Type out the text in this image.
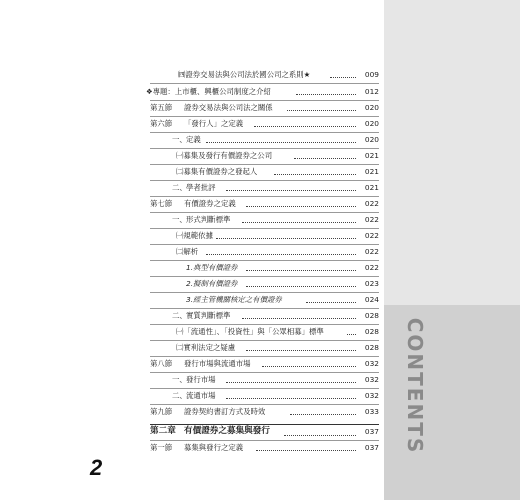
CONTENTS
㈣證券交易法與公司法於國公司之系則★	009
❖專題：上市櫃、興櫃公司制度之介紹	012
第五節 證券交易法與公司法之關係	020
第六節 「發行人」之定義	020
一、 定義	020
㈠募集及發行有價證券之公司	021
㈡募集有價證券之發起人	021
二、 學者批評	021
第七節 有價證券之定義	022
一、 形式判斷標準	022
㈠規範依據	022
㈡解析	022
1.典型有價證券	022
2.擬制有價證券	023
3.經主管機關核定之有價證券	024
二、 實質判斷標準	028
㈠「流通性」、「投資性」與「公眾相募」標準	028
㈡實利法定之疑慮	028
第八節 發行市場與流通市場	032
一、 發行市場	032
二、 流通市場	032
第九節 證券契約書訂方式及時效	033
第二章 有價證券之募集與發行	037
第一節 募集與發行之定義	037
2
